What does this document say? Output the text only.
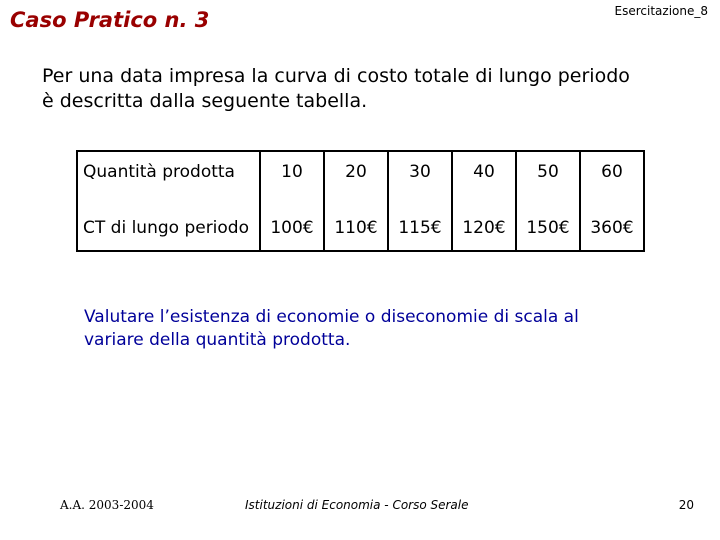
Caso Pratico n. 3	Esercitazione_8
Per una data impresa la curva di costo totale di lungo periodo
è descritta dalla seguente tabella.
Quantità prodotta	10	20	30	40	50	60
CT di lungo periodo	100€	110€	115€	120€	150€	360€
Valutare l’esistenza di economie o diseconomie di scala al
variare della quantità prodotta.
A.A. 2003-2004	Istituzioni di Economia - Corso Serale	20
